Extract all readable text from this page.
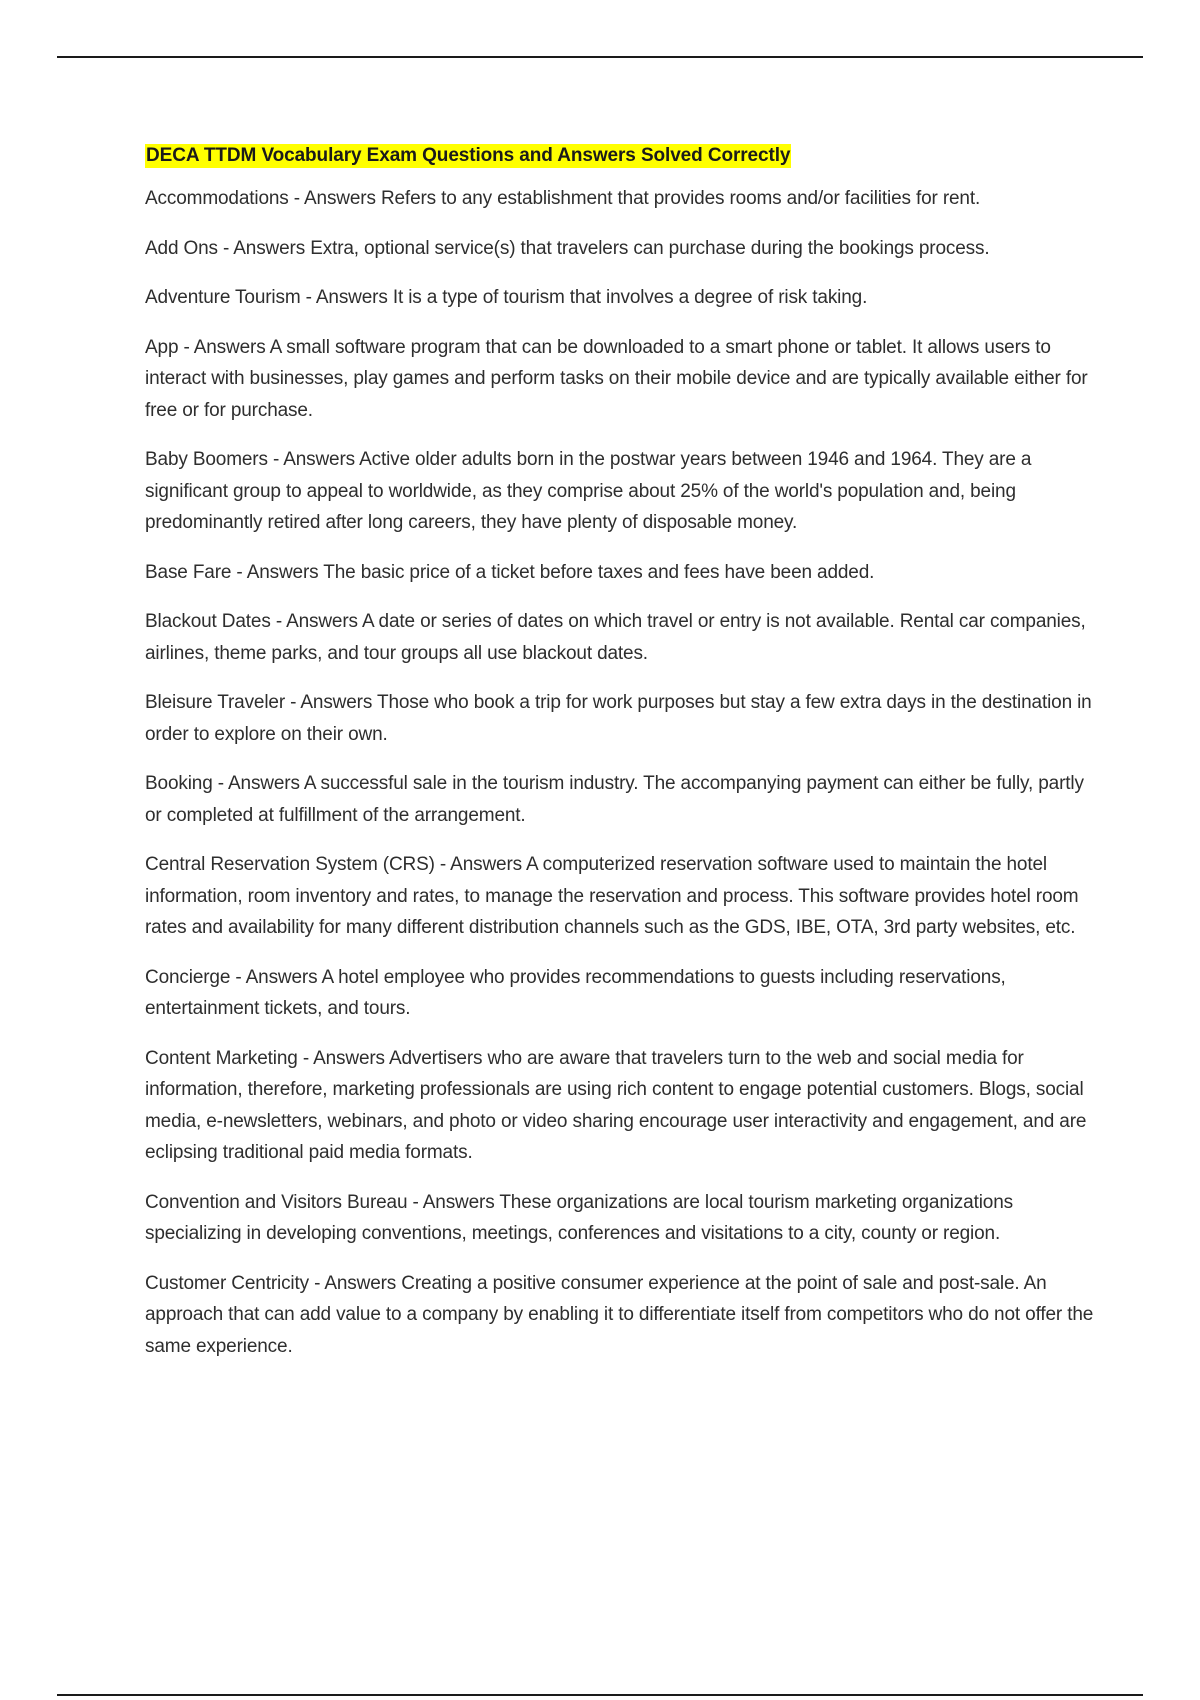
DECA TTDM Vocabulary Exam Questions and Answers Solved Correctly

Accommodations - Answers Refers to any establishment that provides rooms and/or facilities for rent.

Add Ons - Answers Extra, optional service(s) that travelers can purchase during the bookings process.

Adventure Tourism - Answers It is a type of tourism that involves a degree of risk taking.

App - Answers A small software program that can be downloaded to a smart phone or tablet. It allows users to interact with businesses, play games and perform tasks on their mobile device and are typically available either for free or for purchase.

Baby Boomers - Answers Active older adults born in the postwar years between 1946 and 1964. They are a significant group to appeal to worldwide, as they comprise about 25% of the world's population and, being predominantly retired after long careers, they have plenty of disposable money.

Base Fare - Answers The basic price of a ticket before taxes and fees have been added.

Blackout Dates - Answers A date or series of dates on which travel or entry is not available. Rental car companies, airlines, theme parks, and tour groups all use blackout dates.

Bleisure Traveler - Answers Those who book a trip for work purposes but stay a few extra days in the destination in order to explore on their own.

Booking - Answers A successful sale in the tourism industry. The accompanying payment can either be fully, partly or completed at fulfillment of the arrangement.

Central Reservation System (CRS) - Answers A computerized reservation software used to maintain the hotel information, room inventory and rates, to manage the reservation and process. This software provides hotel room rates and availability for many different distribution channels such as the GDS, IBE, OTA, 3rd party websites, etc.

Concierge - Answers A hotel employee who provides recommendations to guests including reservations, entertainment tickets, and tours.

Content Marketing - Answers Advertisers who are aware that travelers turn to the web and social media for information, therefore, marketing professionals are using rich content to engage potential customers. Blogs, social media, e-newsletters, webinars, and photo or video sharing encourage user interactivity and engagement, and are eclipsing traditional paid media formats.

Convention and Visitors Bureau - Answers These organizations are local tourism marketing organizations specializing in developing conventions, meetings, conferences and visitations to a city, county or region.

Customer Centricity - Answers Creating a positive consumer experience at the point of sale and post-sale. An approach that can add value to a company by enabling it to differentiate itself from competitors who do not offer the same experience.
